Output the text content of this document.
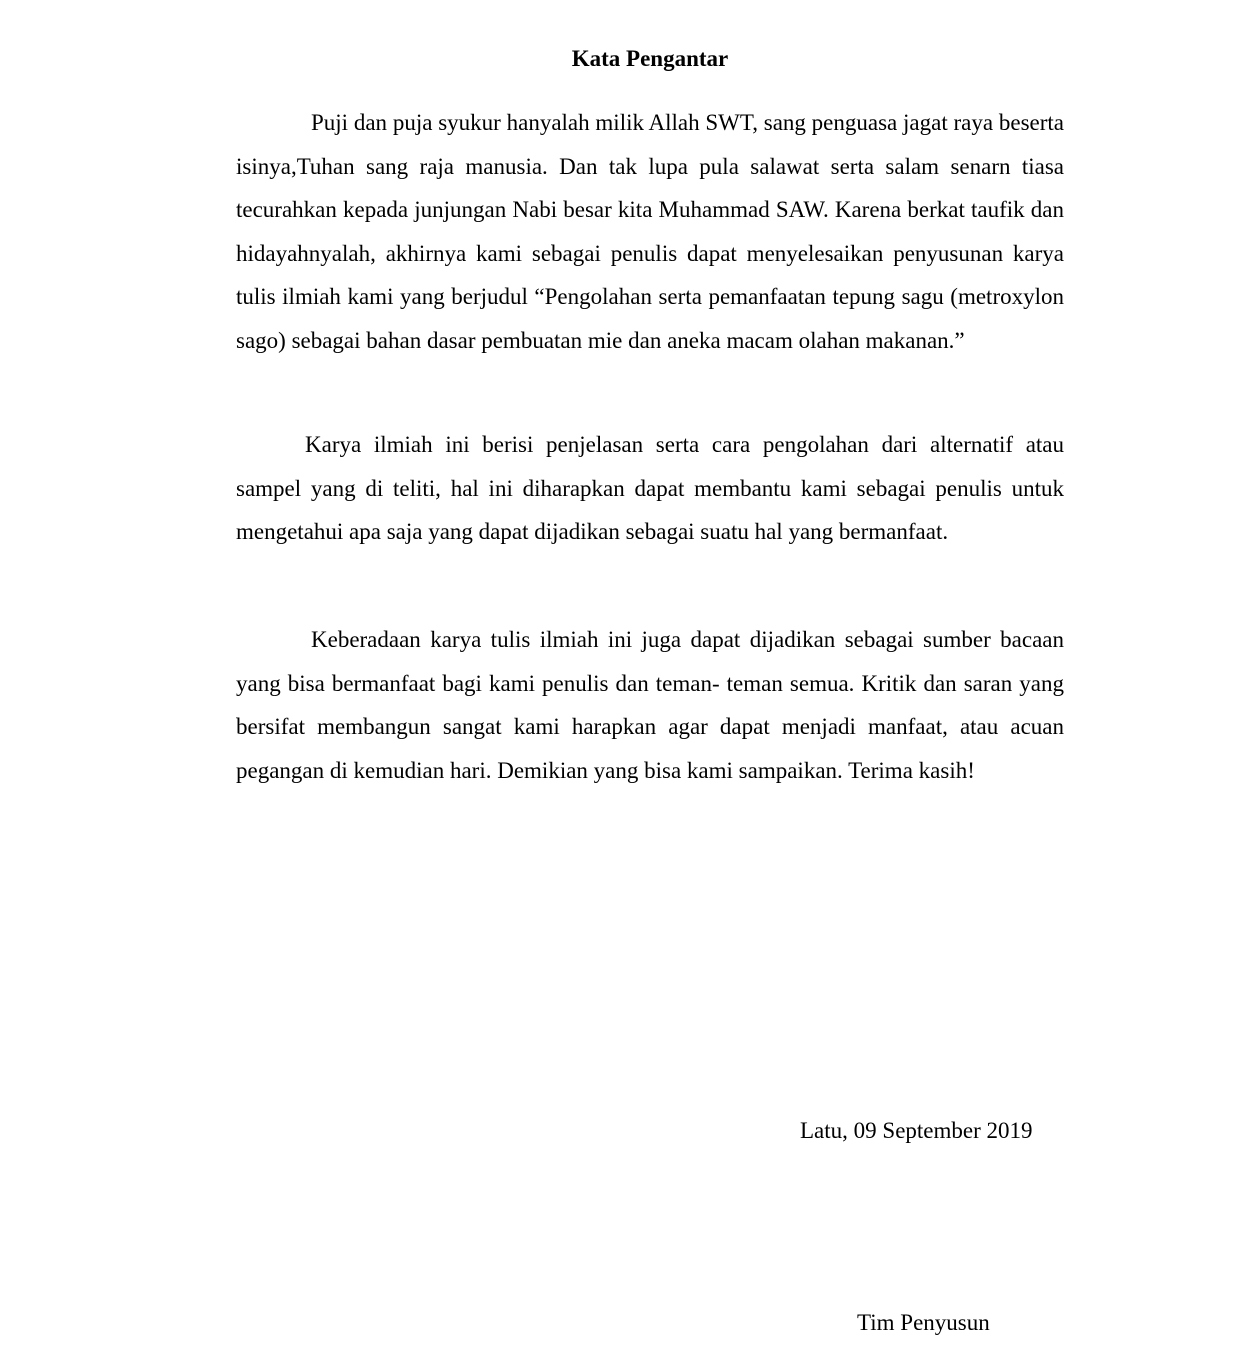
Kata Pengantar

Puji dan puja syukur hanyalah milik Allah SWT, sang penguasa jagat raya beserta isinya,Tuhan sang raja manusia. Dan tak lupa pula salawat serta salam senarn tiasa tecurahkan kepada junjungan Nabi besar kita Muhammad SAW. Karena berkat taufik dan hidayahnyalah, akhirnya kami sebagai penulis dapat menyelesaikan penyusunan karya tulis ilmiah kami yang berjudul “Pengolahan serta pemanfaatan tepung sagu (metroxylon sago) sebagai bahan dasar pembuatan mie dan aneka macam olahan makanan.”

Karya ilmiah ini berisi penjelasan serta cara pengolahan dari alternatif atau sampel yang di teliti, hal ini diharapkan dapat membantu kami sebagai penulis untuk mengetahui apa saja yang dapat dijadikan sebagai suatu hal yang bermanfaat.

Keberadaan karya tulis ilmiah ini juga dapat dijadikan sebagai sumber bacaan yang bisa bermanfaat bagi kami penulis dan teman- teman semua. Kritik dan saran yang bersifat membangun sangat kami harapkan agar dapat menjadi manfaat, atau acuan pegangan di kemudian hari. Demikian yang bisa kami sampaikan. Terima kasih!

Latu, 09 September 2019
Tim Penyusun
